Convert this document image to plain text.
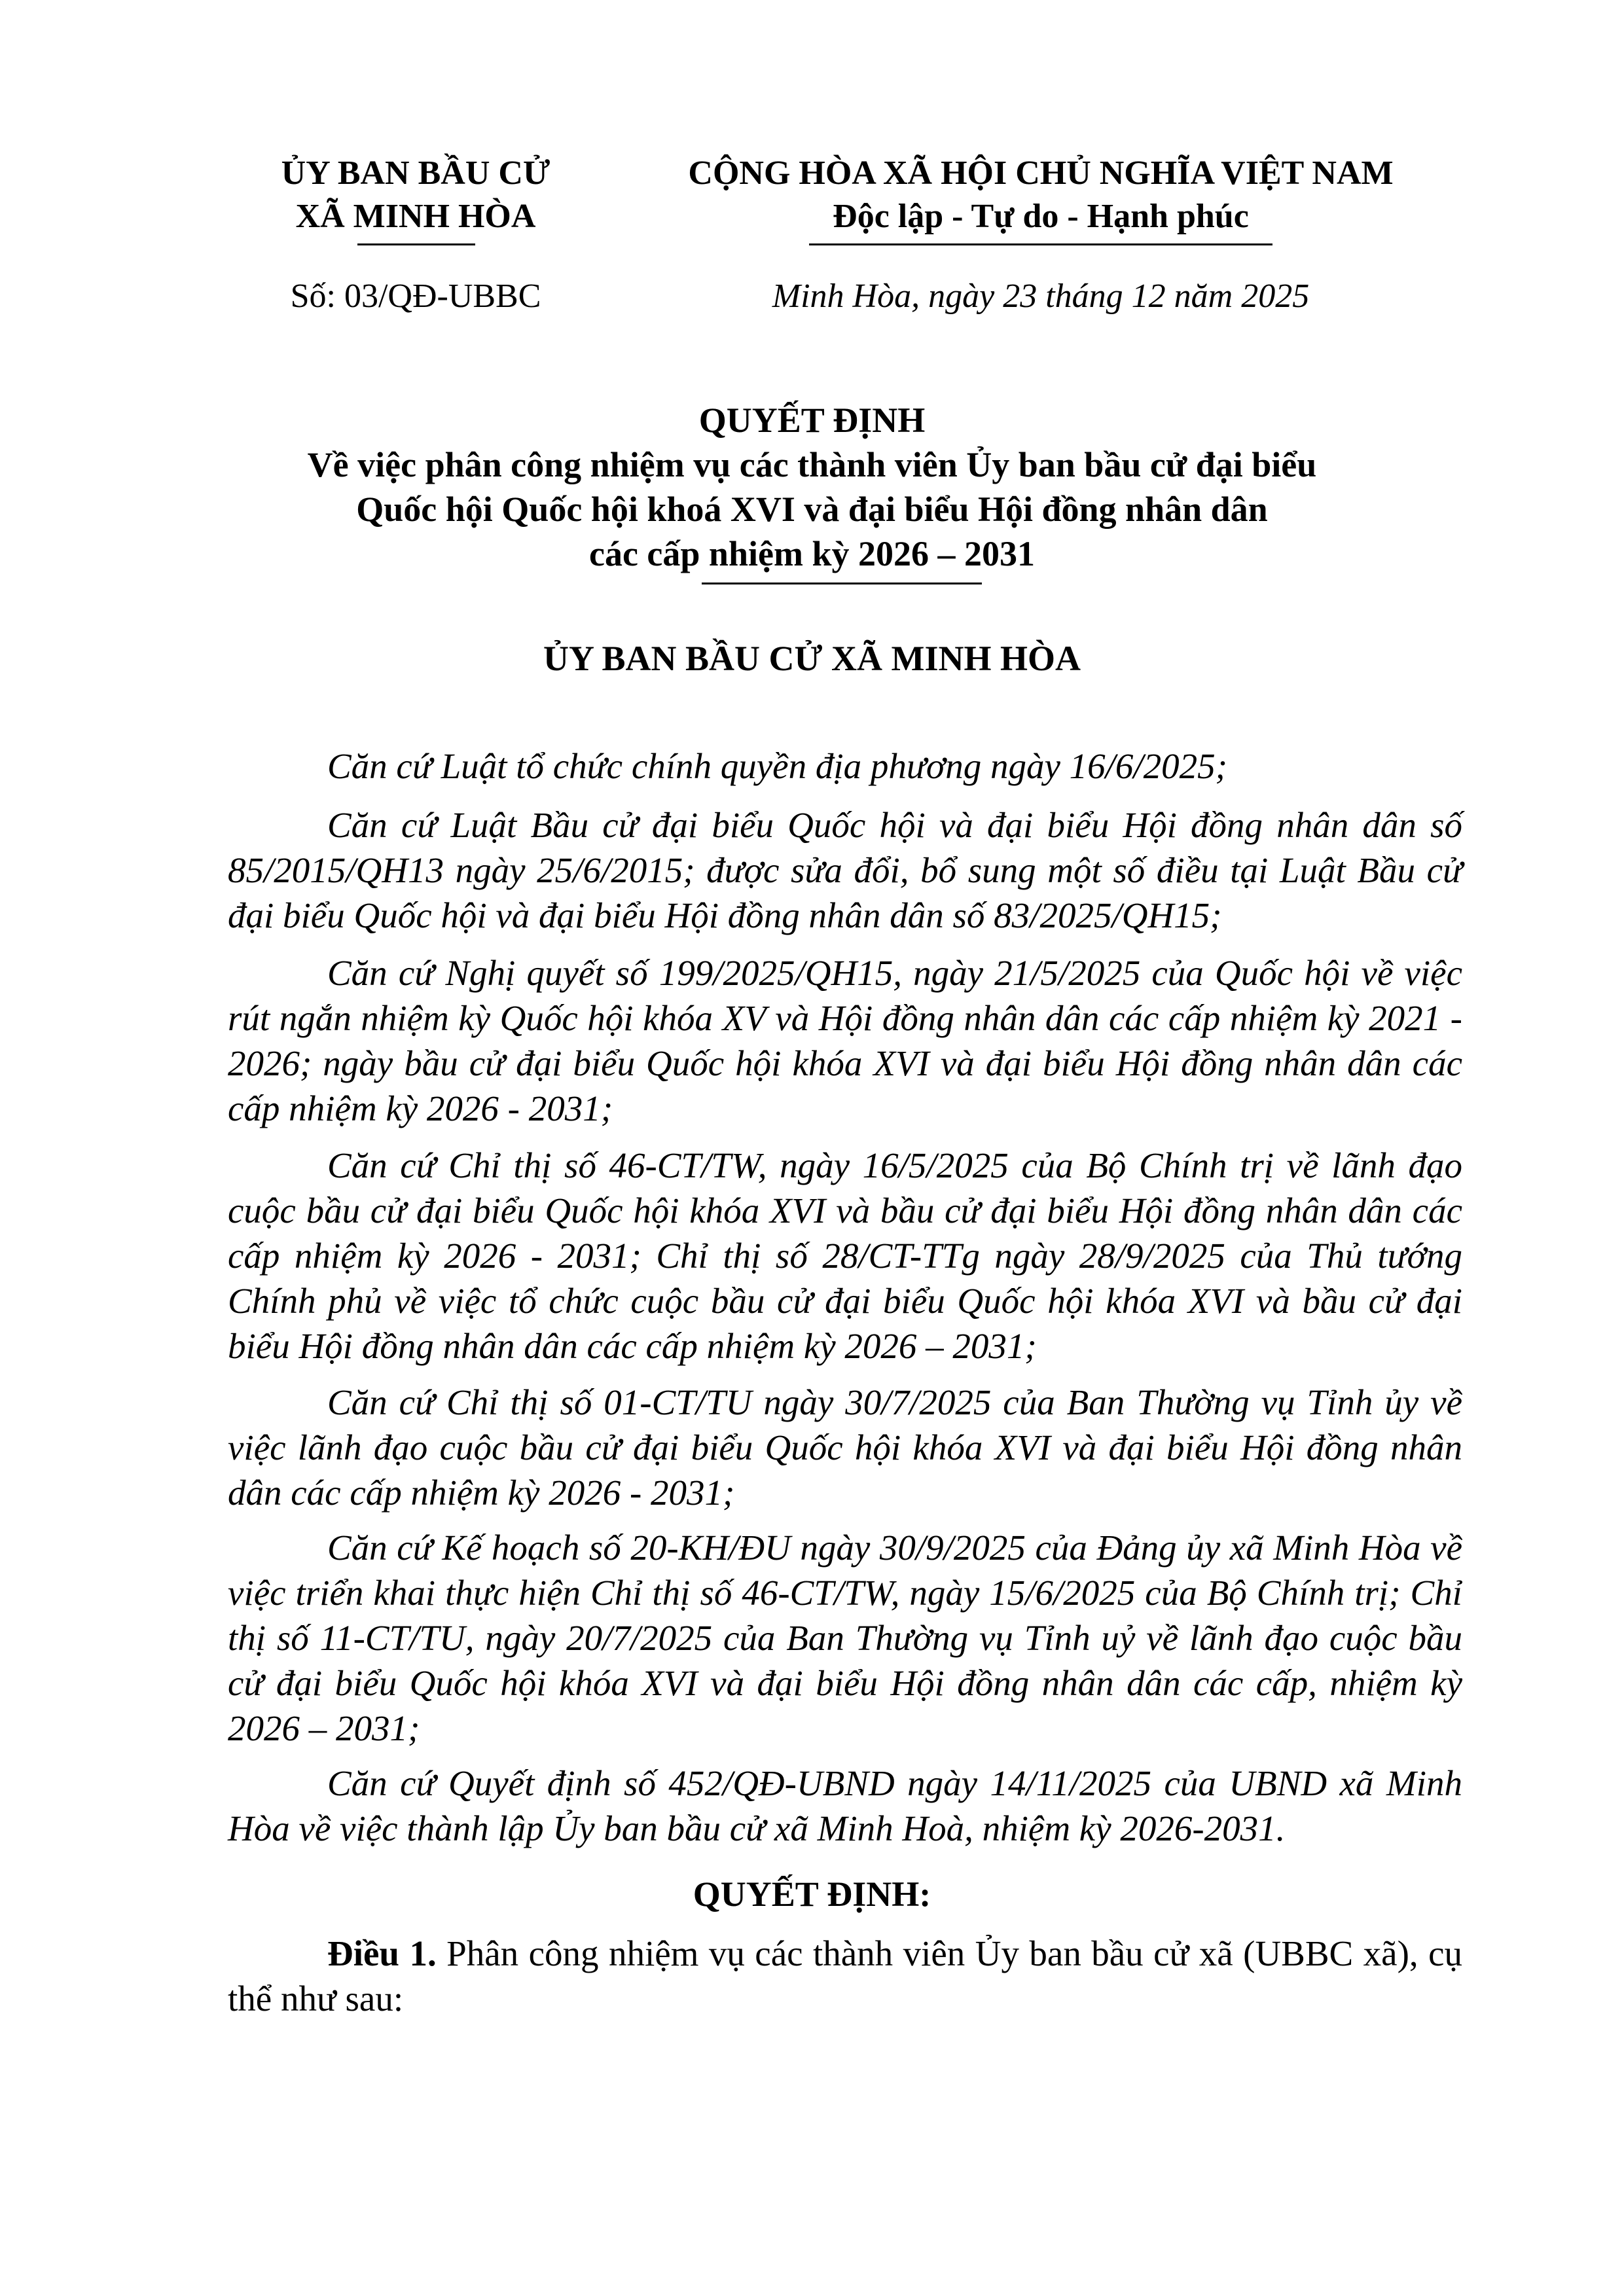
ỦY BAN BẦU CỬ
XÃ MINH HÒA
CỘNG HÒA XÃ HỘI CHỦ NGHĨA VIỆT NAM
Độc lập - Tự do - Hạnh phúc
Số: 03/QĐ-UBBC	Minh Hòa, ngày 23 tháng 12 năm 2025
QUYẾT ĐỊNH
Về việc phân công nhiệm vụ các thành viên Ủy ban bầu cử đại biểu
Quốc hội Quốc hội khoá XVI và đại biểu Hội đồng nhân dân
các cấp nhiệm kỳ 2026 – 2031
ỦY BAN BẦU CỬ XÃ MINH HÒA
Căn cứ Luật tổ chức chính quyền địa phương ngày 16/6/2025;
Căn cứ Luật Bầu cử đại biểu Quốc hội và đại biểu Hội đồng nhân dân số 85/2015/QH13 ngày 25/6/2015; được sửa đổi, bổ sung một số điều tại Luật Bầu cử đại biểu Quốc hội và đại biểu Hội đồng nhân dân số 83/2025/QH15;
Căn cứ Nghị quyết số 199/2025/QH15, ngày 21/5/2025 của Quốc hội về việc rút ngắn nhiệm kỳ Quốc hội khóa XV và Hội đồng nhân dân các cấp nhiệm kỳ 2021 - 2026; ngày bầu cử đại biểu Quốc hội khóa XVI và đại biểu Hội đồng nhân dân các cấp nhiệm kỳ 2026 - 2031;
Căn cứ Chỉ thị số 46-CT/TW, ngày 16/5/2025 của Bộ Chính trị về lãnh đạo cuộc bầu cử đại biểu Quốc hội khóa XVI và bầu cử đại biểu Hội đồng nhân dân các cấp nhiệm kỳ 2026 - 2031; Chỉ thị số 28/CT-TTg ngày 28/9/2025 của Thủ tướng Chính phủ về việc tổ chức cuộc bầu cử đại biểu Quốc hội khóa XVI và bầu cử đại biểu Hội đồng nhân dân các cấp nhiệm kỳ 2026 – 2031;
Căn cứ Chỉ thị số 01-CT/TU ngày 30/7/2025 của Ban Thường vụ Tỉnh ủy về việc lãnh đạo cuộc bầu cử đại biểu Quốc hội khóa XVI và đại biểu Hội đồng nhân dân các cấp nhiệm kỳ 2026 - 2031;
Căn cứ Kế hoạch số 20-KH/ĐU ngày 30/9/2025 của Đảng ủy xã Minh Hòa về việc triển khai thực hiện Chỉ thị số 46-CT/TW, ngày 15/6/2025 của Bộ Chính trị; Chỉ thị số 11-CT/TU, ngày 20/7/2025 của Ban Thường vụ Tỉnh uỷ về lãnh đạo cuộc bầu cử đại biểu Quốc hội khóa XVI và đại biểu Hội đồng nhân dân các cấp, nhiệm kỳ 2026 – 2031;
Căn cứ Quyết định số 452/QĐ-UBND ngày 14/11/2025 của UBND xã Minh Hòa về việc thành lập Ủy ban bầu cử xã Minh Hoà, nhiệm kỳ 2026-2031.
QUYẾT ĐỊNH:
Điều 1. Phân công nhiệm vụ các thành viên Ủy ban bầu cử xã (UBBC xã), cụ thể như sau:
